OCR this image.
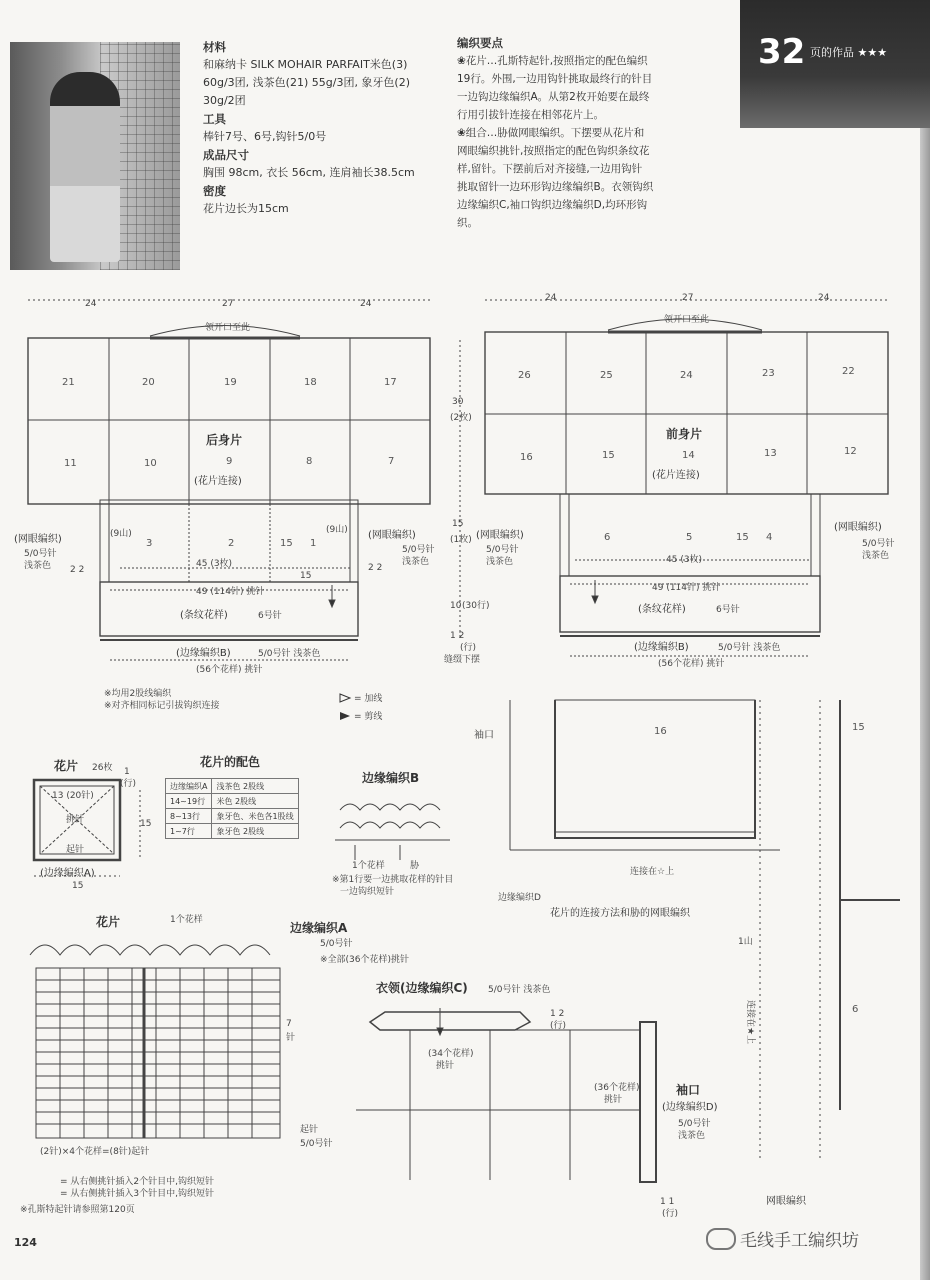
材料
和麻纳卡 SILK MOHAIR PARFAIT米色(3)
60g/3团, 浅茶色(21) 55g/3团, 象牙色(2)
30g/2团
工具
棒针7号、6号,钩针5/0号
成品尺寸
胸围 98cm, 衣长 56cm, 连肩袖长38.5cm
密度
花片边长为15cm
编织要点
❀花片…孔斯特起针,按照指定的配色编织
19行。外围,一边用钩针挑取最终行的针目
一边钩边缘编织A。从第2枚开始要在最终
行用引拔针连接在相邻花片上。
❀组合…胁做网眼编织。下摆要从花片和
网眼编织挑针,按照指定的配色钩织条纹花
样,留针。下摆前后对齐接缝,一边用钩针
挑取留针一边环形钩边缘编织B。衣领钩织
边缘编织C,袖口钩织边缘编织D,均环形钩
织。
32 页的作品 ★★★
24	27	24
领开口至此
21	20	19	18	17
11	10	9	8	7
3	2	15 1
后身片
(花片连接)
45 (3枚)
49 (114针) 挑针
(条纹花样)	6号针
(边缘编织B)	5/0号针 浅茶色
(56个花样) 挑针
(网眼编织)
5/0号针
浅茶色
(网眼编织)
5/0号针
浅茶色
(9山)	(9山)
2 2	2 2
15
30
(2枚)
15
(1枚)
10 (30行)
1 2
(行)
缝缀下摆
24	27	24
领开口至此
26	25	24	23	22
16	15	14	13	12
6	5	15 4
前身片
(花片连接)
45 (3枚)
49 (114针) 挑针
(条纹花样)	6号针
(边缘编织B)	5/0号针 浅茶色
(56个花样) 挑针
(网眼编织)
5/0号针
浅茶色
(网眼编织)
5/0号针
浅茶色
※均用2股线编织
※对齐相同标记引拔钩织连接
= 加线
= 剪线
花片 26枚
13 (20针)
挑针
起针
15
15
(边缘编织A)
1
(行)
花片的配色
边缘编织B
1个花样	胁
※第1行要一边挑取花样的针目
一边钩织短针
袖口	16	15
6
连接在☆上
边缘编织D
花片的连接方法和胁的网眼编织
网眼编织
1山
连接在★上
花片	1个花样
边缘编织A
5/0号针
※全部(36个花样)挑针
7
针
起针
5/0号针
(2针)×4个花样=(8针)起针
= 从右侧挑针插入2个针目中,钩织短针
= 从右侧挑针插入3个针目中,钩织短针
※孔斯特起针请参照第120页
衣领(边缘编织C) 5/0号针 浅茶色
(34个花样)
挑针
1 2
(行)
袖口
(边缘编织D)
5/0号针
浅茶色
(36个花样)
挑针
1 1
(行)
边缘编织A	浅茶色 2股线
14~19行	米色 2股线
8~13行	象牙色、米色各1股线
1~7行	象牙色 2股线
124	毛线手工编织坊
